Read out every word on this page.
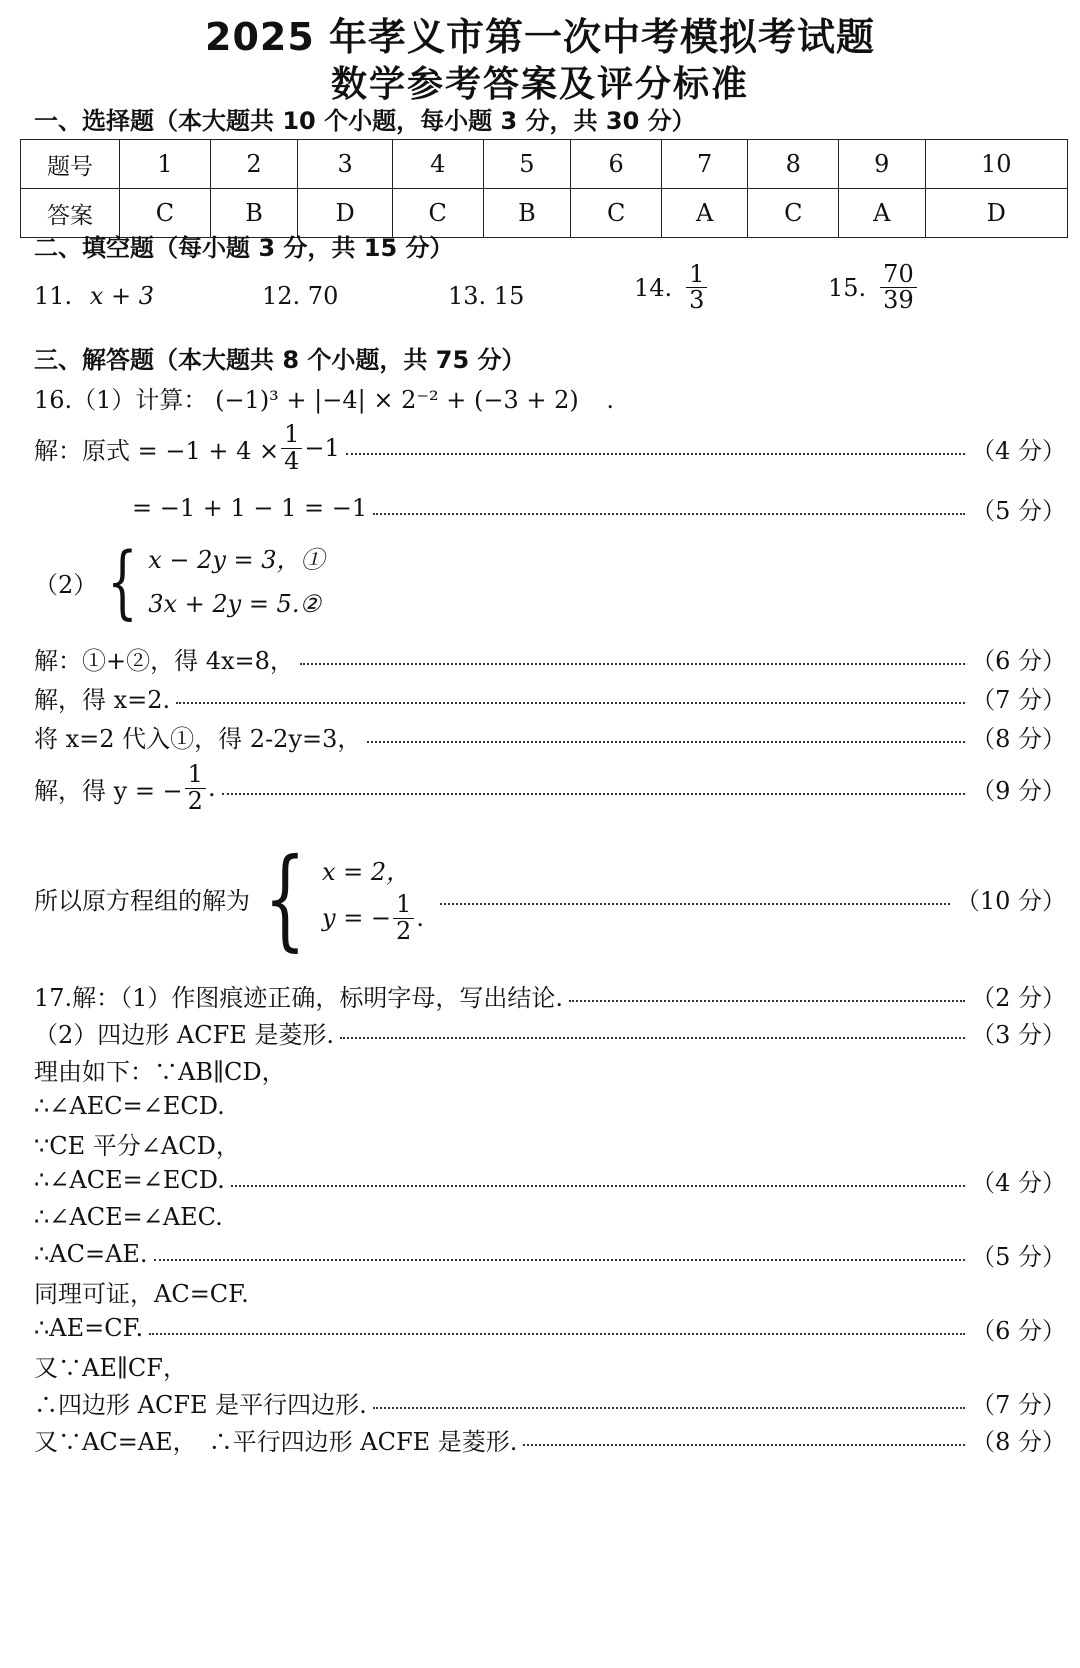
2025 年孝义市第一次中考模拟考试题
数学参考答案及评分标准
一、选择题（本大题共 10 个小题，每小题 3 分，共 30 分）
题号	1	2	3	4	5	6	7	8	9	10
答案	C	B	D	C	B	C	A	C	A	D
二、填空题（每小题 3 分，共 15 分）
11. x + 3	12. 70	13. 15	14. $\frac{1}{3}$	15. $\frac{70}{39}$
三、解答题（本大题共 8 个小题，共 75 分）
16.（1）计算： (−1)³ + |−4| × 2⁻² + (−3 + 2) .
解：原式 = $-1 + 4 \times \frac{1}{4} -1$	（4 分）
= −1 + 1 − 1 = −1	（5 分）
（2） { x − 2y = 3，①
3x + 2y = 5.②
解：①+②，得 4x=8，	（6 分）
解，得 x=2.	（7 分）
将 x=2 代入①，得 2-2y=3，	（8 分）
解，得 y = − $\frac{1}{2}$ .	（9 分）
所以原方程组的解为 { x = 2，
y = − $\frac{1}{2}$ .
（10 分）
17.解：（1）作图痕迹正确，标明字母，写出结论.	（2 分）
（2）四边形 ACFE 是菱形.	（3 分）
理由如下：∵AB∥CD，
∴∠AEC=∠ECD.
∵CE 平分∠ACD，
∴∠ACE=∠ECD.	（4 分）
∴∠ACE=∠AEC.
∴AC=AE.	（5 分）
同理可证，AC=CF.
∴AE=CF.	（6 分）
又∵AE∥CF，
∴四边形 ACFE 是平行四边形.	（7 分）
又∵AC=AE，　∴平行四边形 ACFE 是菱形.	（8 分）
